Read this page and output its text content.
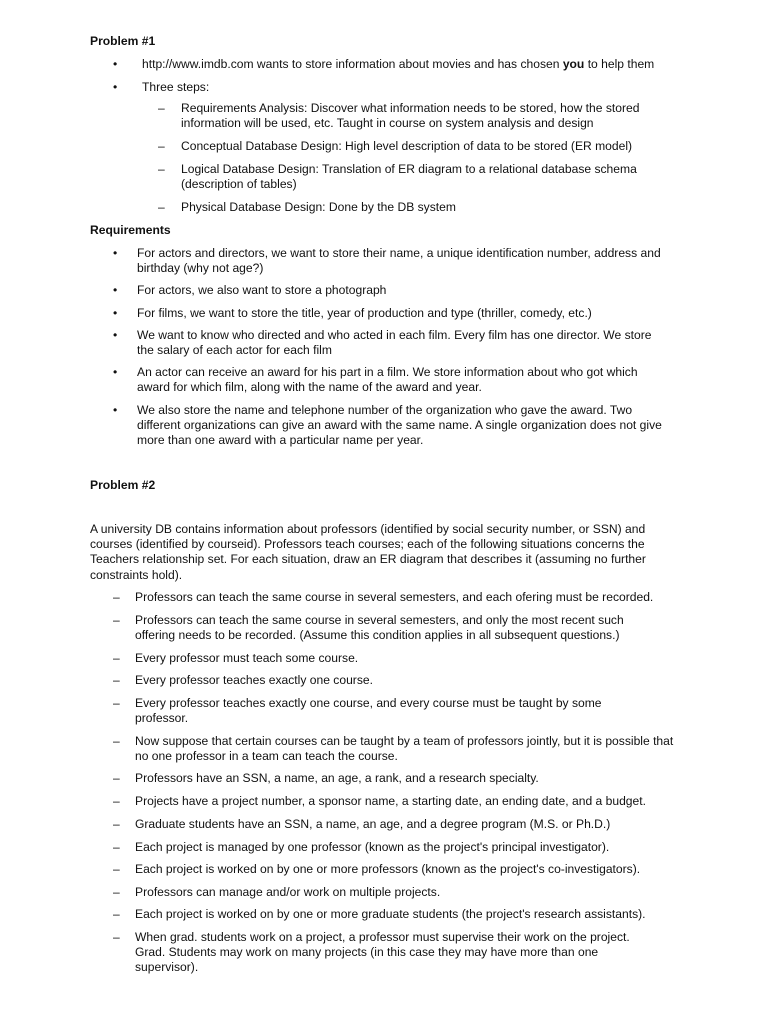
Problem #1
• http://www.imdb.com wants to store information about movies and has chosen you to help them
• Three steps:
– Requirements Analysis: Discover what information needs to be stored, how the stored information will be used, etc. Taught in course on system analysis and design
– Conceptual Database Design: High level description of data to be stored (ER model)
– Logical Database Design: Translation of ER diagram to a relational database schema (description of tables)
– Physical Database Design: Done by the DB system
Requirements
• For actors and directors, we want to store their name, a unique identification number, address and birthday (why not age?)
• For actors, we also want to store a photograph
• For films, we want to store the title, year of production and type (thriller, comedy, etc.)
• We want to know who directed and who acted in each film. Every film has one director. We store the salary of each actor for each film
• An actor can receive an award for his part in a film. We store information about who got which award for which film, along with the name of the award and year.
• We also store the name and telephone number of the organization who gave the award. Two different organizations can give an award with the same name. A single organization does not give more than one award with a particular name per year.
Problem #2

A university DB contains information about professors (identified by social security number, or SSN) and courses (identified by courseid). Professors teach courses; each of the following situations concerns the Teachers relationship set. For each situation, draw an ER diagram that describes it (assuming no further constraints hold).

– Professors can teach the same course in several semesters, and each ofering must be recorded.
– Professors can teach the same course in several semesters, and only the most recent such offering needs to be recorded. (Assume this condition applies in all subsequent questions.)
– Every professor must teach some course.
– Every professor teaches exactly one course.
– Every professor teaches exactly one course, and every course must be taught by some professor.
– Now suppose that certain courses can be taught by a team of professors jointly, but it is possible that no one professor in a team can teach the course.
– Professors have an SSN, a name, an age, a rank, and a research specialty.
– Projects have a project number, a sponsor name, a starting date, an ending date, and a budget.
– Graduate students have an SSN, a name, an age, and a degree program (M.S. or Ph.D.)
– Each project is managed by one professor (known as the project's principal investigator).
– Each project is worked on by one or more professors (known as the project's co-investigators).
– Professors can manage and/or work on multiple projects.
– Each project is worked on by one or more graduate students (the project's research assistants).
– When grad. students work on a project, a professor must supervise their work on the project. Grad. Students may work on many projects (in this case they may have more than one supervisor).
